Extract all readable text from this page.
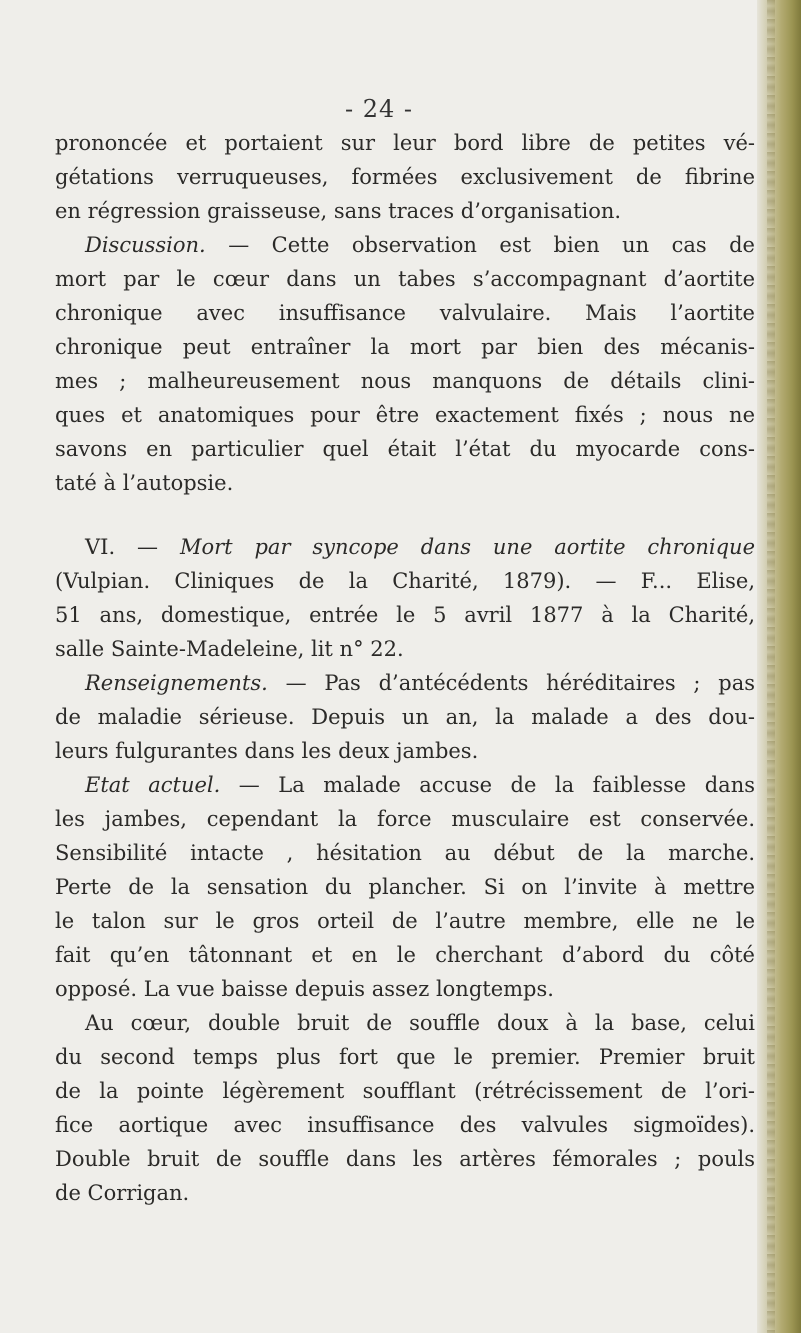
- 24 -
prononcée et portaient sur leur bord libre de petites vé-
gétations verruqueuses, formées exclusivement de fibrine
en régression graisseuse, sans traces d’organisation.
Discussion. — Cette observation est bien un cas de
mort par le cœur dans un tabes s’accompagnant d’aortite
chronique avec insuffisance valvulaire. Mais l’aortite
chronique peut entraîner la mort par bien des mécanis-
mes ; malheureusement nous manquons de détails clini-
ques et anatomiques pour être exactement fixés ; nous ne
savons en particulier quel était l’état du myocarde cons-
taté à l’autopsie.
VI. — Mort par syncope dans une aortite chronique
(Vulpian. Cliniques de la Charité, 1879). — F... Elise,
51 ans, domestique, entrée le 5 avril 1877 à la Charité,
salle Sainte-Madeleine, lit n° 22.
Renseignements. — Pas d’antécédents héréditaires ; pas
de maladie sérieuse. Depuis un an, la malade a des dou-
leurs fulgurantes dans les deux jambes.
Etat actuel. — La malade accuse de la faiblesse dans
les jambes, cependant la force musculaire est conservée.
Sensibilité intacte , hésitation au début de la marche.
Perte de la sensation du plancher. Si on l’invite à mettre
le talon sur le gros orteil de l’autre membre, elle ne le
fait qu’en tâtonnant et en le cherchant d’abord du côté
opposé. La vue baisse depuis assez longtemps.
Au cœur, double bruit de souffle doux à la base, celui
du second temps plus fort que le premier. Premier bruit
de la pointe légèrement soufflant (rétrécissement de l’ori-
fice aortique avec insuffisance des valvules sigmoïdes).
Double bruit de souffle dans les artères fémorales ; pouls
de Corrigan.
